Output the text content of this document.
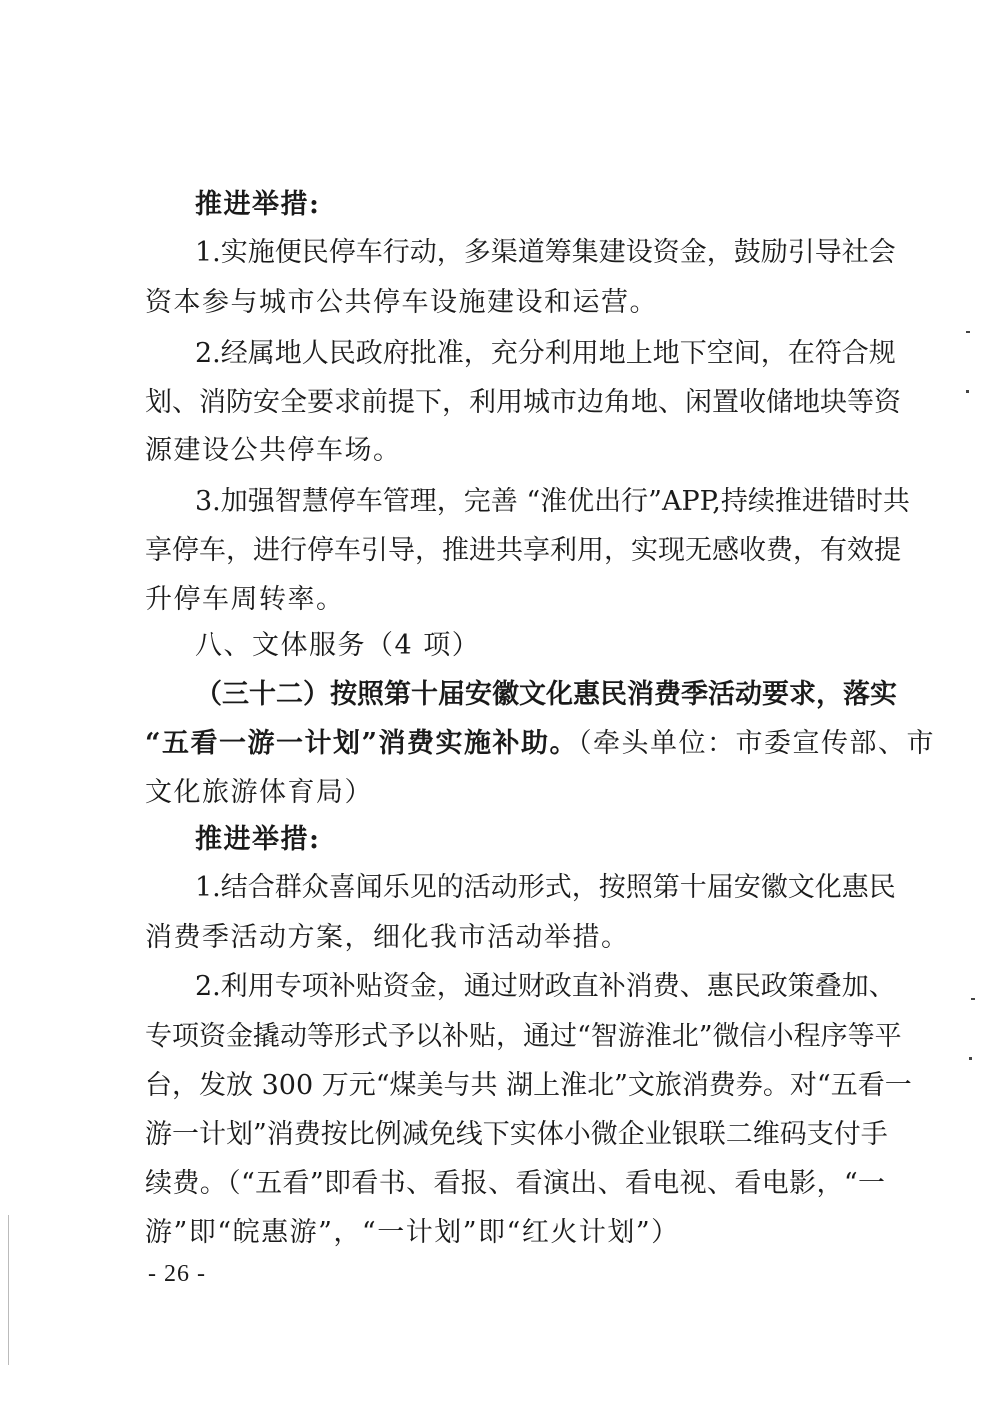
推进举措:
1.实施便民停车行动，多渠道筹集建设资金，鼓励引导社会
资本参与城市公共停车设施建设和运营。
2.经属地人民政府批准，充分利用地上地下空间，在符合规
划、消防安全要求前提下，利用城市边角地、闲置收储地块等资
源建设公共停车场。
3.加强智慧停车管理，完善 “淮优出行”APP,持续推进错时共
享停车，进行停车引导，推进共享利用，实现无感收费，有效提
升停车周转率。
八、文体服务（4 项）
（三十二）按照第十届安徽文化惠民消费季活动要求，落实
“五看一游一计划”消费实施补助。（牵头单位：市委宣传部、市
文化旅游体育局）
推进举措:
1.结合群众喜闻乐见的活动形式，按照第十届安徽文化惠民
消费季活动方案，细化我市活动举措。
2.利用专项补贴资金，通过财政直补消费、惠民政策叠加、
专项资金撬动等形式予以补贴，通过“智游淮北”微信小程序等平
台，发放 300 万元“煤美与共 湖上淮北”文旅消费券。对“五看一
游一计划”消费按比例减免线下实体小微企业银联二维码支付手
续费。（“五看”即看书、看报、看演出、看电视、看电影，“一
游”即“皖惠游”，“一计划”即“红火计划”）
- 26 -
